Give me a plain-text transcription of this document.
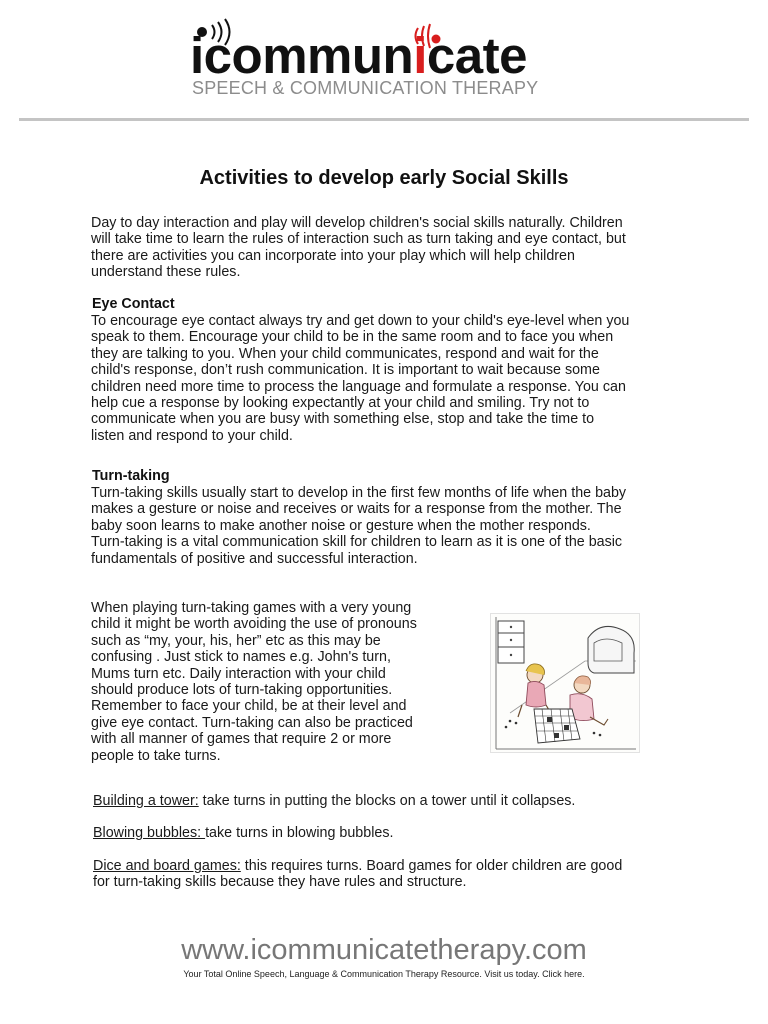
icommunicate
SPEECH & COMMUNICATION THERAPY
Activities to develop early Social Skills
Day to day interaction and play will develop children's social skills naturally. Children
will take time to learn the rules of interaction such as turn taking and eye contact, but
there are activities you can incorporate into your play which will help children
understand these rules.
Eye Contact
To encourage eye contact always try and get down to your child's eye-level when you
speak to them. Encourage your child to be in the same room and to face you when
they are talking to you. When your child communicates, respond and wait for the
child's response, don’t rush communication. It is important to wait because some
children need more time to process the language and formulate a response. You can
help cue a response by looking expectantly at your child and smiling. Try not to
communicate when you are busy with something else, stop and take the time to
listen and respond to your child.
Turn-taking
Turn-taking skills usually start to develop in the first few months of life when the baby
makes a gesture or noise and receives or waits for a response from the mother. The
baby soon learns to make another noise or gesture when the mother responds.
Turn-taking is a vital communication skill for children to learn as it is one of the basic
fundamentals of positive and successful interaction.
When playing turn-taking games with a very young
child it might be worth avoiding the use of pronouns
such as “my, your, his, her” etc as this may be
confusing . Just stick to names e.g. John's turn,
Mums turn etc. Daily interaction with your child
should produce lots of turn-taking opportunities.
Remember to face your child, be at their level and
give eye contact. Turn-taking can also be practiced
with all manner of games that require 2 or more
people to take turns.
Building a tower: take turns in putting the blocks on a tower until it collapses.
Blowing bubbles: take turns in blowing bubbles.
Dice and board games: this requires turns. Board games for older children are good
for turn-taking skills because they have rules and structure.
www.icommunicatetherapy.com
Your Total Online Speech, Language & Communication Therapy Resource. Visit us today. Click here.
